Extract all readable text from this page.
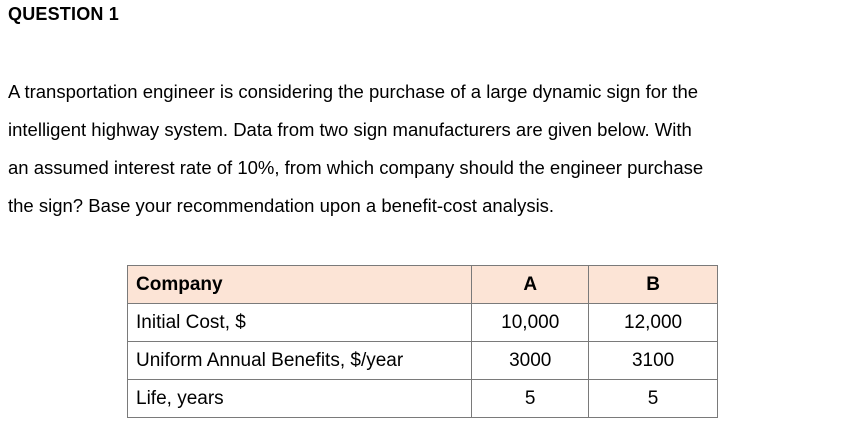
QUESTION 1

A transportation engineer is considering the purchase of a large dynamic sign for the
intelligent highway system. Data from two sign manufacturers are given below. With
an assumed interest rate of 10%, from which company should the engineer purchase
the sign? Base your recommendation upon a benefit-cost analysis.

Company	A	B
Initial Cost, $	10,000	12,000
Uniform Annual Benefits, $/year	3000	3100
Life, years	5	5
